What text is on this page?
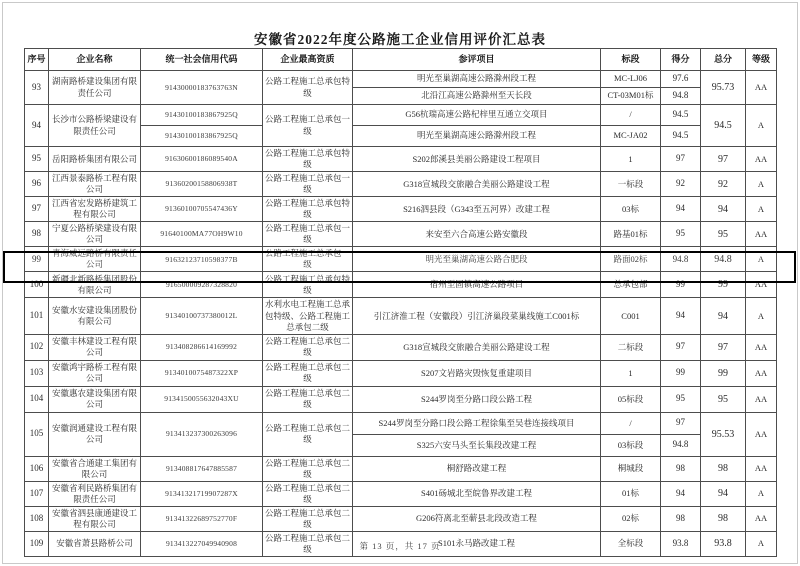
安徽省2022年度公路施工企业信用评价汇总表
序号	企业名称	统一社会信用代码	企业最高资质	参评项目	标段	得分	总分	等级
93	湖南路桥建设集团有限责任公司	91430000183763763N	公路工程施工总承包特级	明光至巢湖高速公路滁州段工程	MC-LJ06	97.6	95.73	AA
				北沿江高速公路滁州至天长段	CT-03M01标	94.8		
94	长沙市公路桥梁建设有限责任公司	91430100183867925Q	公路工程施工总承包一级	G56杭瑞高速公路杞梓里互通立交项目	/	94.5	94.5	A
		91430100183867925Q		明光至巢湖高速公路滁州段工程	MC-JA02	94.5		
95	岳阳路桥集团有限公司	91630600186089540A	公路工程施工总承包特级	S202郎溪县美丽公路建设工程项目	1	97	97	AA
96	江西景泰路桥工程有限公司	91360200158806938T	公路工程施工总承包一级	G318宣城段交旅融合美丽公路建设工程	一标段	92	92	A
97	江西省宏发路桥建筑工程有限公司	91360100705547436Y	公路工程施工总承包特级	S216泗县段（G343至五河界）改建工程	03标	94	94	A
98	宁夏公路桥梁建设有限公司	91640100MA77OH9W10	公路工程施工总承包一级	来安至六合高速公路安徽段	路基01标	95	95	AA
99	青海威远路桥有限责任公司	91632123710598377B	公路工程施工总承包一级	明光至巢湖高速公路合肥段	路面02标	94.8	94.8	A
100	新疆北新路桥集团股份有限公司	916500009287328820	公路工程施工总承包特级	宿州至固镇高速公路项目	总承包部	99	99	AA
101	安徽水安建设集团股份有限公司	91340100737380012L	水利水电工程施工总承包特级、公路工程施工总承包二级	引江济淮工程（安徽段）引江济巢段菜巢线施工C001标	C001	94	94	A
102	安徽丰林建设工程有限公司	913408286614169992	公路工程施工总承包二级	G318宣城段交旅融合美丽公路建设工程	二标段	97	97	AA
103	安徽鸿宇路桥工程有限公司	9134010075487322XP	公路工程施工总承包二级	S207文岩路灾毁恢复重建项目	1	99	99	AA
104	安徽惠农建设集团有限公司	9134150055632043XU	公路工程施工总承包二级	S244罗岗至分路口段公路工程	05标段	95	95	AA
105	安徽润通建设工程有限公司	913413237300263096	公路工程施工总承包二级	S244罗岗至分路口段公路工程徐集至吴巷连接线项目	/	97	95.53	AA
				S325六安马头至长集段改建工程	03标段	94.8		
106	安徽省合通建工集团有限公司	913408817647885587	公路工程施工总承包二级	桐舒路改建工程	桐城段	98	98	AA
107	安徽省利民路桥集团有限责任公司	91341321719907287X	公路工程施工总承包二级	S401砀城北至皖鲁界改建工程	01标	94	94	A
108	安徽省泗县康通建设工程有限公司	91341322689752770F	公路工程施工总承包二级	G206符离北至蕲县北段改造工程	02标	98	98	AA
109	安徽省萧县路桥公司	913413227049940908	公路工程施工总承包二级	S101永马路改建工程	全标段	93.8	93.8	A
第 13 页，共 17 页
